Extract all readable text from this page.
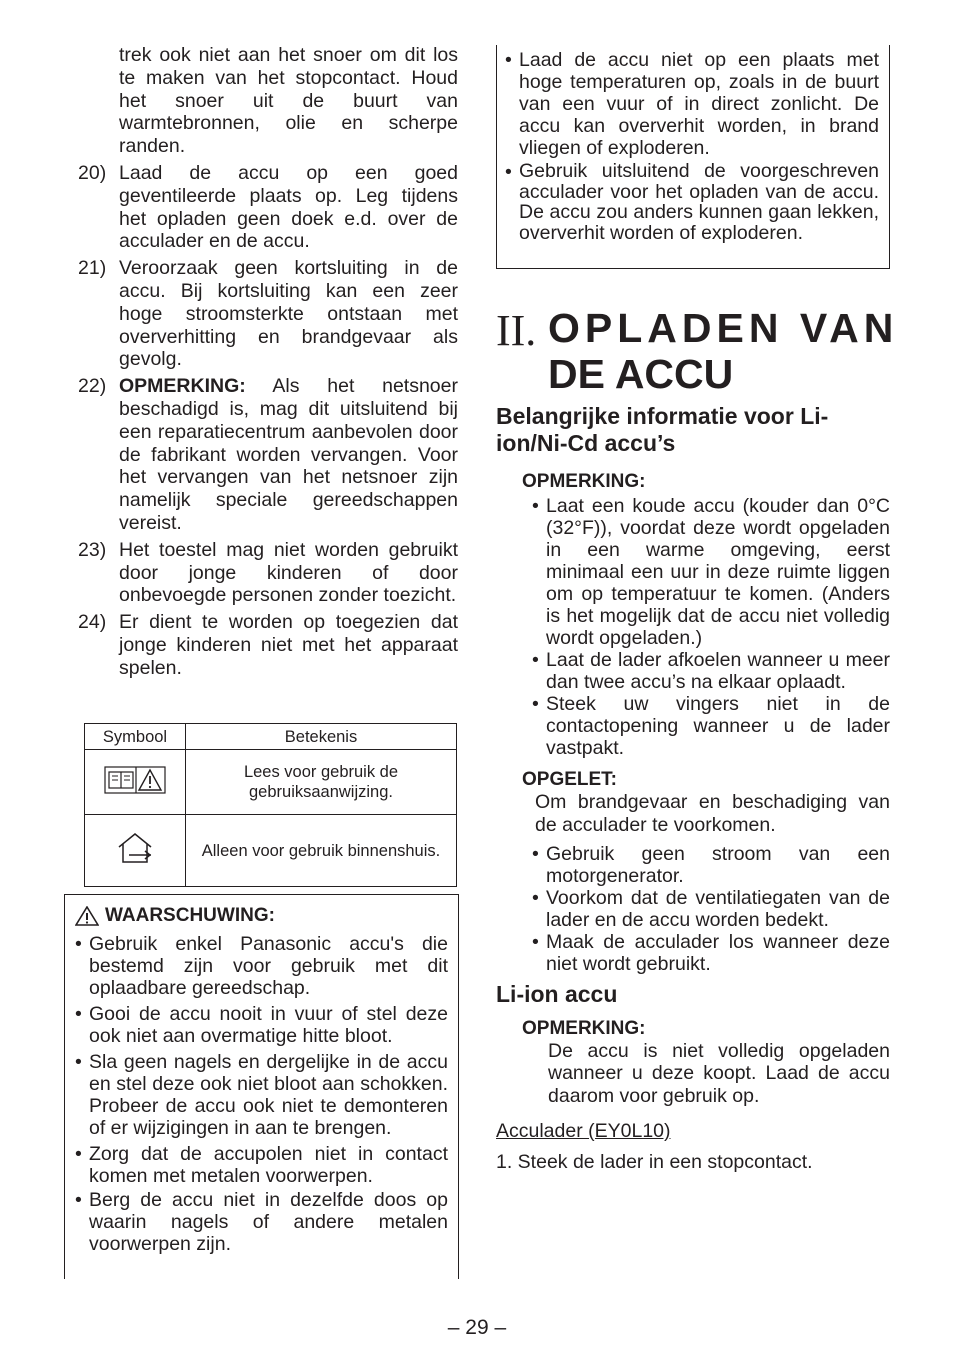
trek ook niet aan het snoer om dit los te maken van het stopcontact. Houd het snoer uit de buurt van warmtebronnen, olie en scherpe randen.

20) Laad de accu op een goed geventileerde plaats op. Leg tijdens het opladen geen doek e.d. over de acculader en de accu.

21) Veroorzaak geen kortsluiting in de accu. Bij kortsluiting kan een zeer hoge stroomsterkte ontstaan met oververhitting en brandgevaar als gevolg.

22) OPMERKING: Als het netsnoer beschadigd is, mag dit uitsluitend bij een reparatiecentrum aanbevolen door de fabrikant worden vervangen. Voor het vervangen van het netsnoer zijn namelijk speciale gereedschappen vereist.

23) Het toestel mag niet worden gebruikt door jonge kinderen of door onbevoegde personen zonder toezicht.

24) Er dient te worden op toegezien dat jonge kinderen niet met het apparaat spelen.

Symbool	Betekenis
	Lees voor gebruik de gebruiksaanwijzing.
	Alleen voor gebruik binnenshuis.
WAARSCHUWING:
• Gebruik enkel Panasonic accu's die bestemd zijn voor gebruik met dit oplaadbare gereedschap.

• Gooi de accu nooit in vuur of stel deze ook niet aan overmatige hitte bloot.

• Sla geen nagels en dergelijke in de accu en stel deze ook niet bloot aan schokken. Probeer de accu ook niet te demonteren of er wijzigingen in aan te brengen.

• Zorg dat de accupolen niet in contact komen met metalen voorwerpen.

• Berg de accu niet in dezelfde doos op waarin nagels of andere metalen voorwerpen zijn.

• Laad de accu niet op een plaats met hoge temperaturen op, zoals in de buurt van een vuur of in direct zonlicht. De accu kan oververhit worden, in brand vliegen of exploderen.

• Gebruik uitsluitend de voorgeschreven acculader voor het opladen van de accu. De accu zou anders kunnen gaan lekken, oververhit worden of exploderen.

II. OPLADEN VAN
DE ACCU
Belangrijke informatie voor Li-ion/Ni-Cd accu’s
OPMERKING:
• Laat een koude accu (kouder dan 0°C (32°F)), voordat deze wordt opgeladen in een warme omgeving, eerst minimaal een uur in deze ruimte liggen om op temperatuur te komen. (Anders is het mogelijk dat de accu niet volledig wordt opgeladen.)

• Laat de lader afkoelen wanneer u meer dan twee accu’s na elkaar oplaadt.

• Steek uw vingers niet in de contactopening wanneer u de lader vastpakt.

OPGELET:

Om brandgevaar en beschadiging van de acculader te voorkomen.

• Gebruik geen stroom van een motorgenerator.

• Voorkom dat de ventilatiegaten van de lader en de accu worden bedekt.

• Maak de acculader los wanneer deze niet wordt gebruikt.

Li-ion accu
OPMERKING:

De accu is niet volledig opgeladen wanneer u deze koopt. Laad de accu daarom voor gebruik op.

Acculader (EY0L10)

1. Steek de lader in een stopcontact.

– 29 –
